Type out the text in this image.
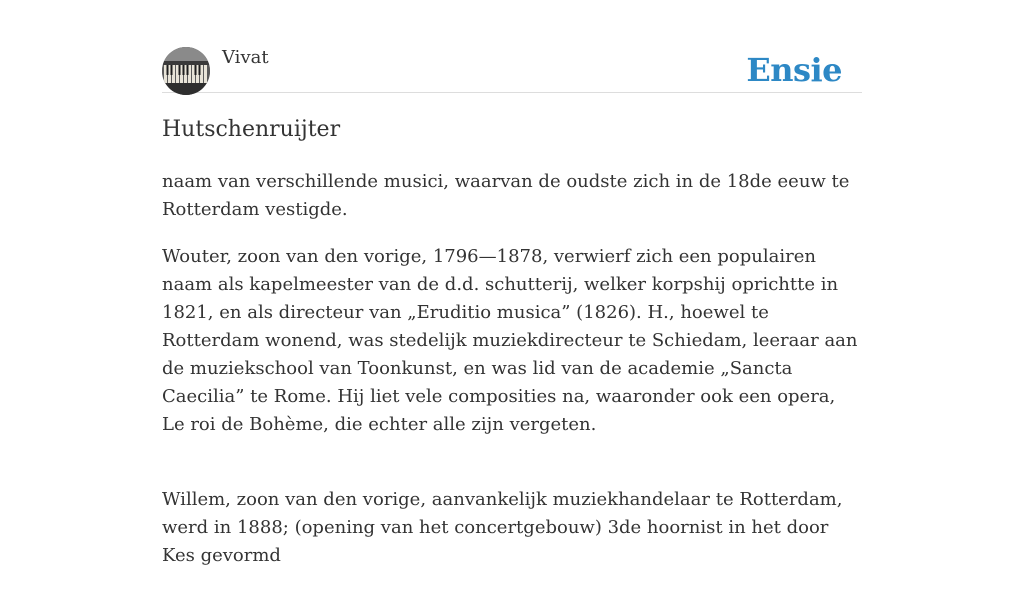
Vivat	Ensie
Hutschenruijter

naam van verschillende musici, waarvan de oudste zich in de 18de eeuw te Rotterdam vestigde.

Wouter, zoon van den vorige, 1796—1878, verwierf zich een populairen naam als kapelmeester van de d.d. schutterij, welker korpshij oprichtte in 1821, en als directeur van „Eruditio musica” (1826). H., hoewel te Rotterdam wonend, was stedelijk muziekdirecteur te Schiedam, leeraar aan de muziekschool van Toonkunst, en was lid van de academie „Sancta Caecilia” te Rome. Hij liet vele composities na, waaronder ook een opera, Le roi de Bohème, die echter alle zijn vergeten.

Willem, zoon van den vorige, aanvankelijk muziekhandelaar te Rotterdam, werd in 1888; (opening van het concertgebouw) 3de hoornist in het door Kes gevormd
